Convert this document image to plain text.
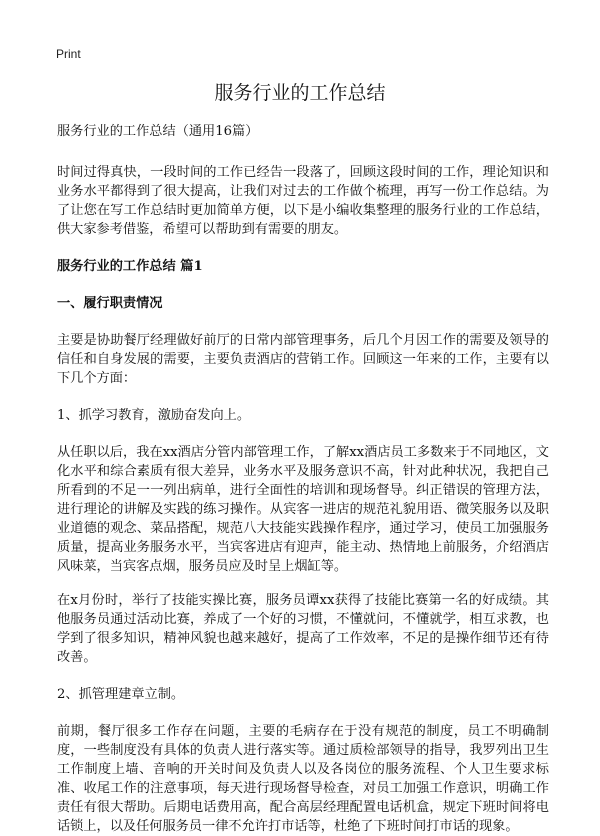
Print
服务行业的工作总结

服务行业的工作总结（通用16篇）

时间过得真快，一段时间的工作已经告一段落了，回顾这段时间的工作，理论知识和业务水平都得到了很大提高，让我们对过去的工作做个梳理，再写一份工作总结。为了让您在写工作总结时更加简单方便，以下是小编收集整理的服务行业的工作总结，供大家参考借鉴，希望可以帮助到有需要的朋友。

服务行业的工作总结 篇1

一、履行职责情况

主要是协助餐厅经理做好前厅的日常内部管理事务，后几个月因工作的需要及领导的信任和自身发展的需要，主要负责酒店的营销工作。回顾这一年来的工作，主要有以下几个方面：

1、抓学习教育，激励奋发向上。

从任职以后，我在xx酒店分管内部管理工作，了解xx酒店员工多数来于不同地区，文化水平和综合素质有很大差异，业务水平及服务意识不高，针对此种状况，我把自己所看到的不足一一列出病单，进行全面性的培训和现场督导。纠正错误的管理方法，进行理论的讲解及实践的练习操作。从宾客一进店的规范礼貌用语、微笑服务以及职业道德的观念、菜品搭配，规范八大技能实践操作程序，通过学习，使员工加强服务质量，提高业务服务水平，当宾客进店有迎声，能主动、热情地上前服务，介绍酒店风味菜，当宾客点烟，服务员应及时呈上烟缸等。

在x月份时，举行了技能实操比赛，服务员谭xx获得了技能比赛第一名的好成绩。其他服务员通过活动比赛，养成了一个好的习惯，不懂就问，不懂就学，相互求教，也学到了很多知识，精神风貌也越来越好，提高了工作效率，不足的是操作细节还有待改善。

2、抓管理建章立制。

前期，餐厅很多工作存在问题，主要的毛病存在于没有规范的制度，员工不明确制度，一些制度没有具体的负责人进行落实等。通过质检部领导的指导，我罗列出卫生工作制度上墙、音响的开关时间及负责人以及各岗位的服务流程、个人卫生要求标准、收尾工作的注意事项，每天进行现场督导检查，对员工加强工作意识，明确工作责任有很大帮助。后期电话费用高，配合高层经理配置电话机盒，规定下班时间将电话锁上，以及任何服务员一律不允许打市话等，杜绝了下班时间打市话的现象。
